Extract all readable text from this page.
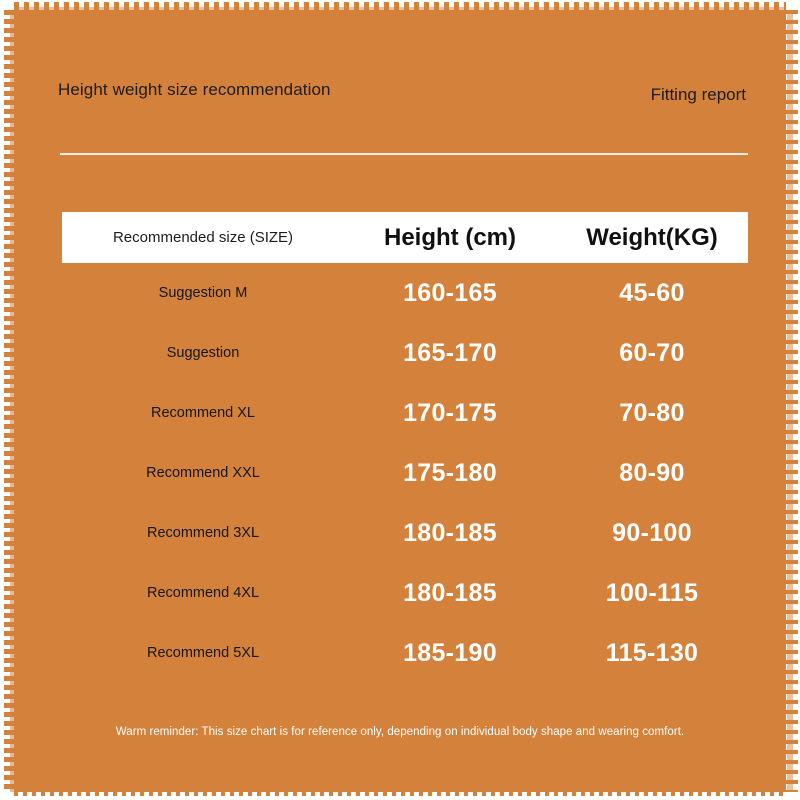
Height weight size recommendation	Fitting report
Recommended size (SIZE)	Height (cm)	Weight(KG)
Suggestion M	160-165	45-60
Suggestion	165-170	60-70
Recommend XL	170-175	70-80
Recommend XXL	175-180	80-90
Recommend 3XL	180-185	90-100
Recommend 4XL	180-185	100-115
Recommend 5XL	185-190	115-130
Warm reminder: This size chart is for reference only, depending on individual body shape and wearing comfort.
